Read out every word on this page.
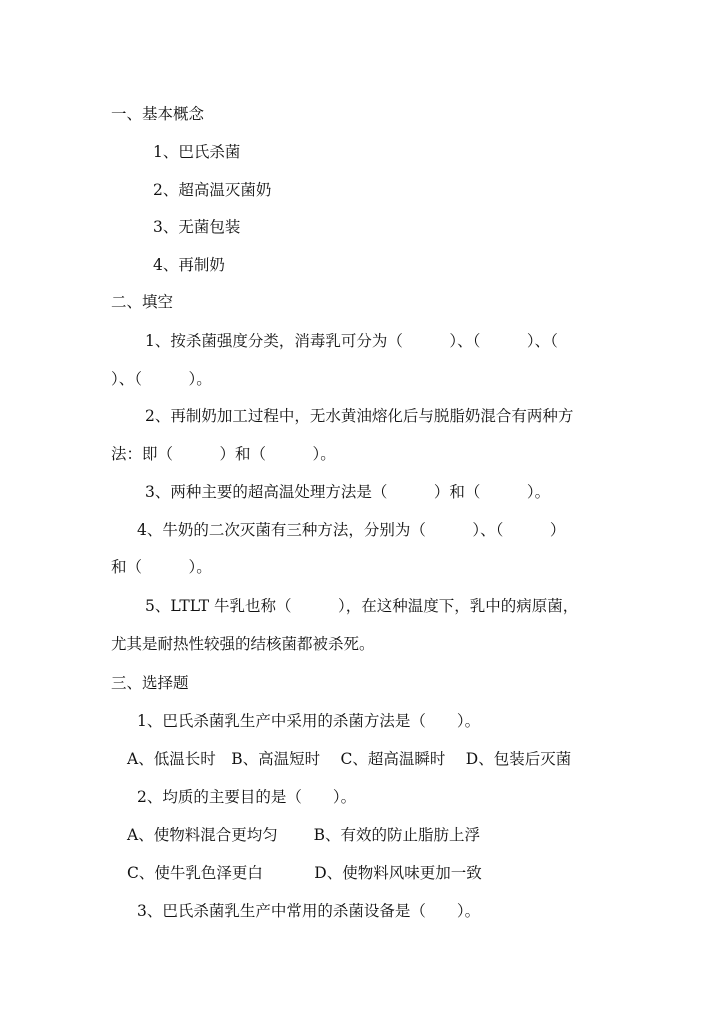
一、基本概念

1、巴氏杀菌

2、超高温灭菌奶

3、无菌包装

4、再制奶

二、填空

1、按杀菌强度分类，消毒乳可分为（　　　）、（　　　）、（

）、（　　　）。

2、再制奶加工过程中，无水黄油熔化后与脱脂奶混合有两种方

法：即（　　　）和（　　　）。

3、两种主要的超高温处理方法是（　　　）和（　　　）。

4、牛奶的二次灭菌有三种方法，分别为（　　　）、（　　　）

和（　　　）。

5、LTLT 牛乳也称（　　　），在这种温度下，乳中的病原菌，

尤其是耐热性较强的结核菌都被杀死。

三、选择题

1、巴氏杀菌乳生产中采用的杀菌方法是（　　）。

A、低温长时　B、高温短时　 C、超高温瞬时　 D、包装后灭菌

2、均质的主要目的是（　　）。

A、使物料混合更均匀　　 B、有效的防止脂肪上浮

C、使牛乳色泽更白　　　 D、使物料风味更加一致

3、巴氏杀菌乳生产中常用的杀菌设备是（　　）。
